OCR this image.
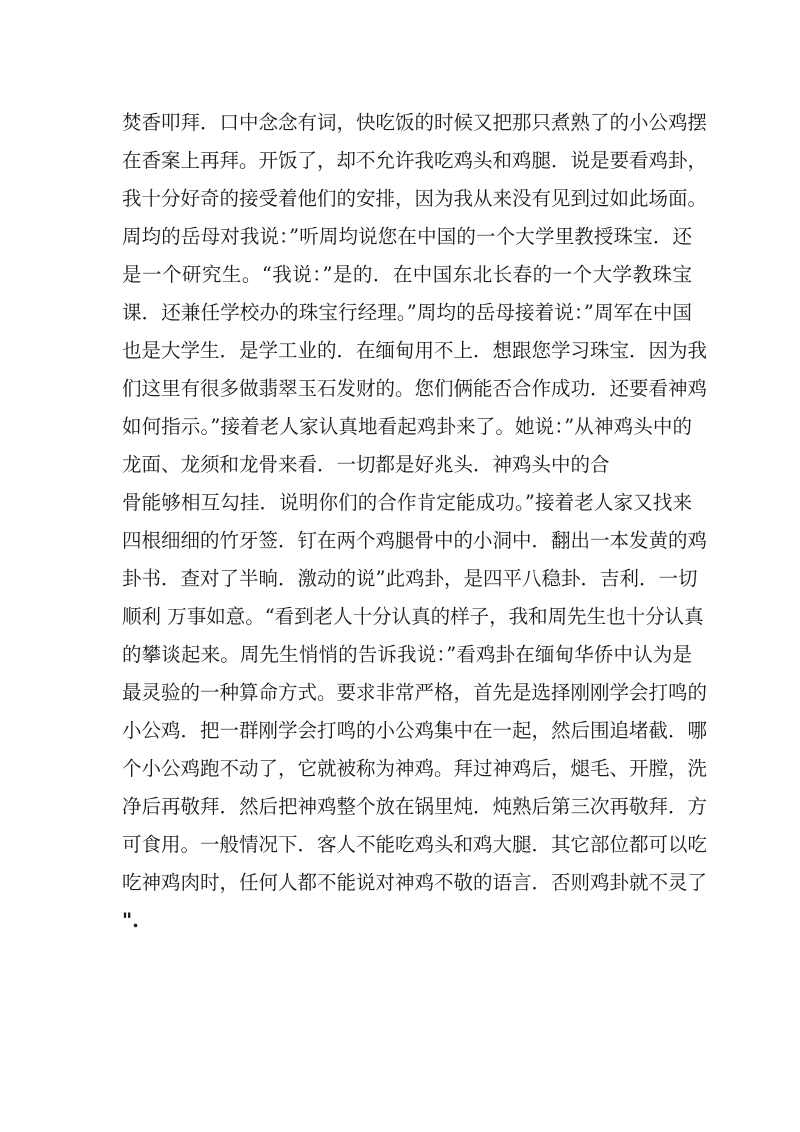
焚香叩拜．口中念念有词，快吃饭的时候又把那只煮熟了的小公鸡摆
在香案上再拜。开饭了，却不允许我吃鸡头和鸡腿．说是要看鸡卦，
我十分好奇的接受着他们的安排，因为我从来没有见到过如此场面。
周均的岳母对我说：”听周均说您在中国的一个大学里教授珠宝．还
是一个研究生。“我说：”是的．在中国东北长春的一个大学教珠宝
课．还兼任学校办的珠宝行经理。”周均的岳母接着说：”周军在中国
也是大学生．是学工业的．在缅甸用不上．想跟您学习珠宝．因为我
们这里有很多做翡翠玉石发财的。您们俩能否合作成功．还要看神鸡
如何指示。”接着老人家认真地看起鸡卦来了。她说：”从神鸡头中的
龙面、龙须和龙骨来看．一切都是好兆头．神鸡头中的合
骨能够相互勾挂．说明你们的合作肯定能成功。”接着老人家又找来
四根细细的竹牙签．钉在两个鸡腿骨中的小洞中．翻出一本发黄的鸡
卦书．查对了半晌．激动的说”此鸡卦，是四平八稳卦．吉利．一切
顺利 万事如意。“看到老人十分认真的样子，我和周先生也十分认真
的攀谈起来。周先生悄悄的告诉我说：”看鸡卦在缅甸华侨中认为是
最灵验的一种算命方式。要求非常严格，首先是选择刚刚学会打鸣的
小公鸡．把一群刚学会打鸣的小公鸡集中在一起，然后围追堵截．哪
个小公鸡跑不动了，它就被称为神鸡。拜过神鸡后，煺毛、开膛，洗
净后再敬拜．然后把神鸡整个放在锅里炖．炖熟后第三次再敬拜．方
可食用。一般情况下．客人不能吃鸡头和鸡大腿．其它部位都可以吃
吃神鸡肉时，任何人都不能说对神鸡不敬的语言．否则鸡卦就不灵了
".
